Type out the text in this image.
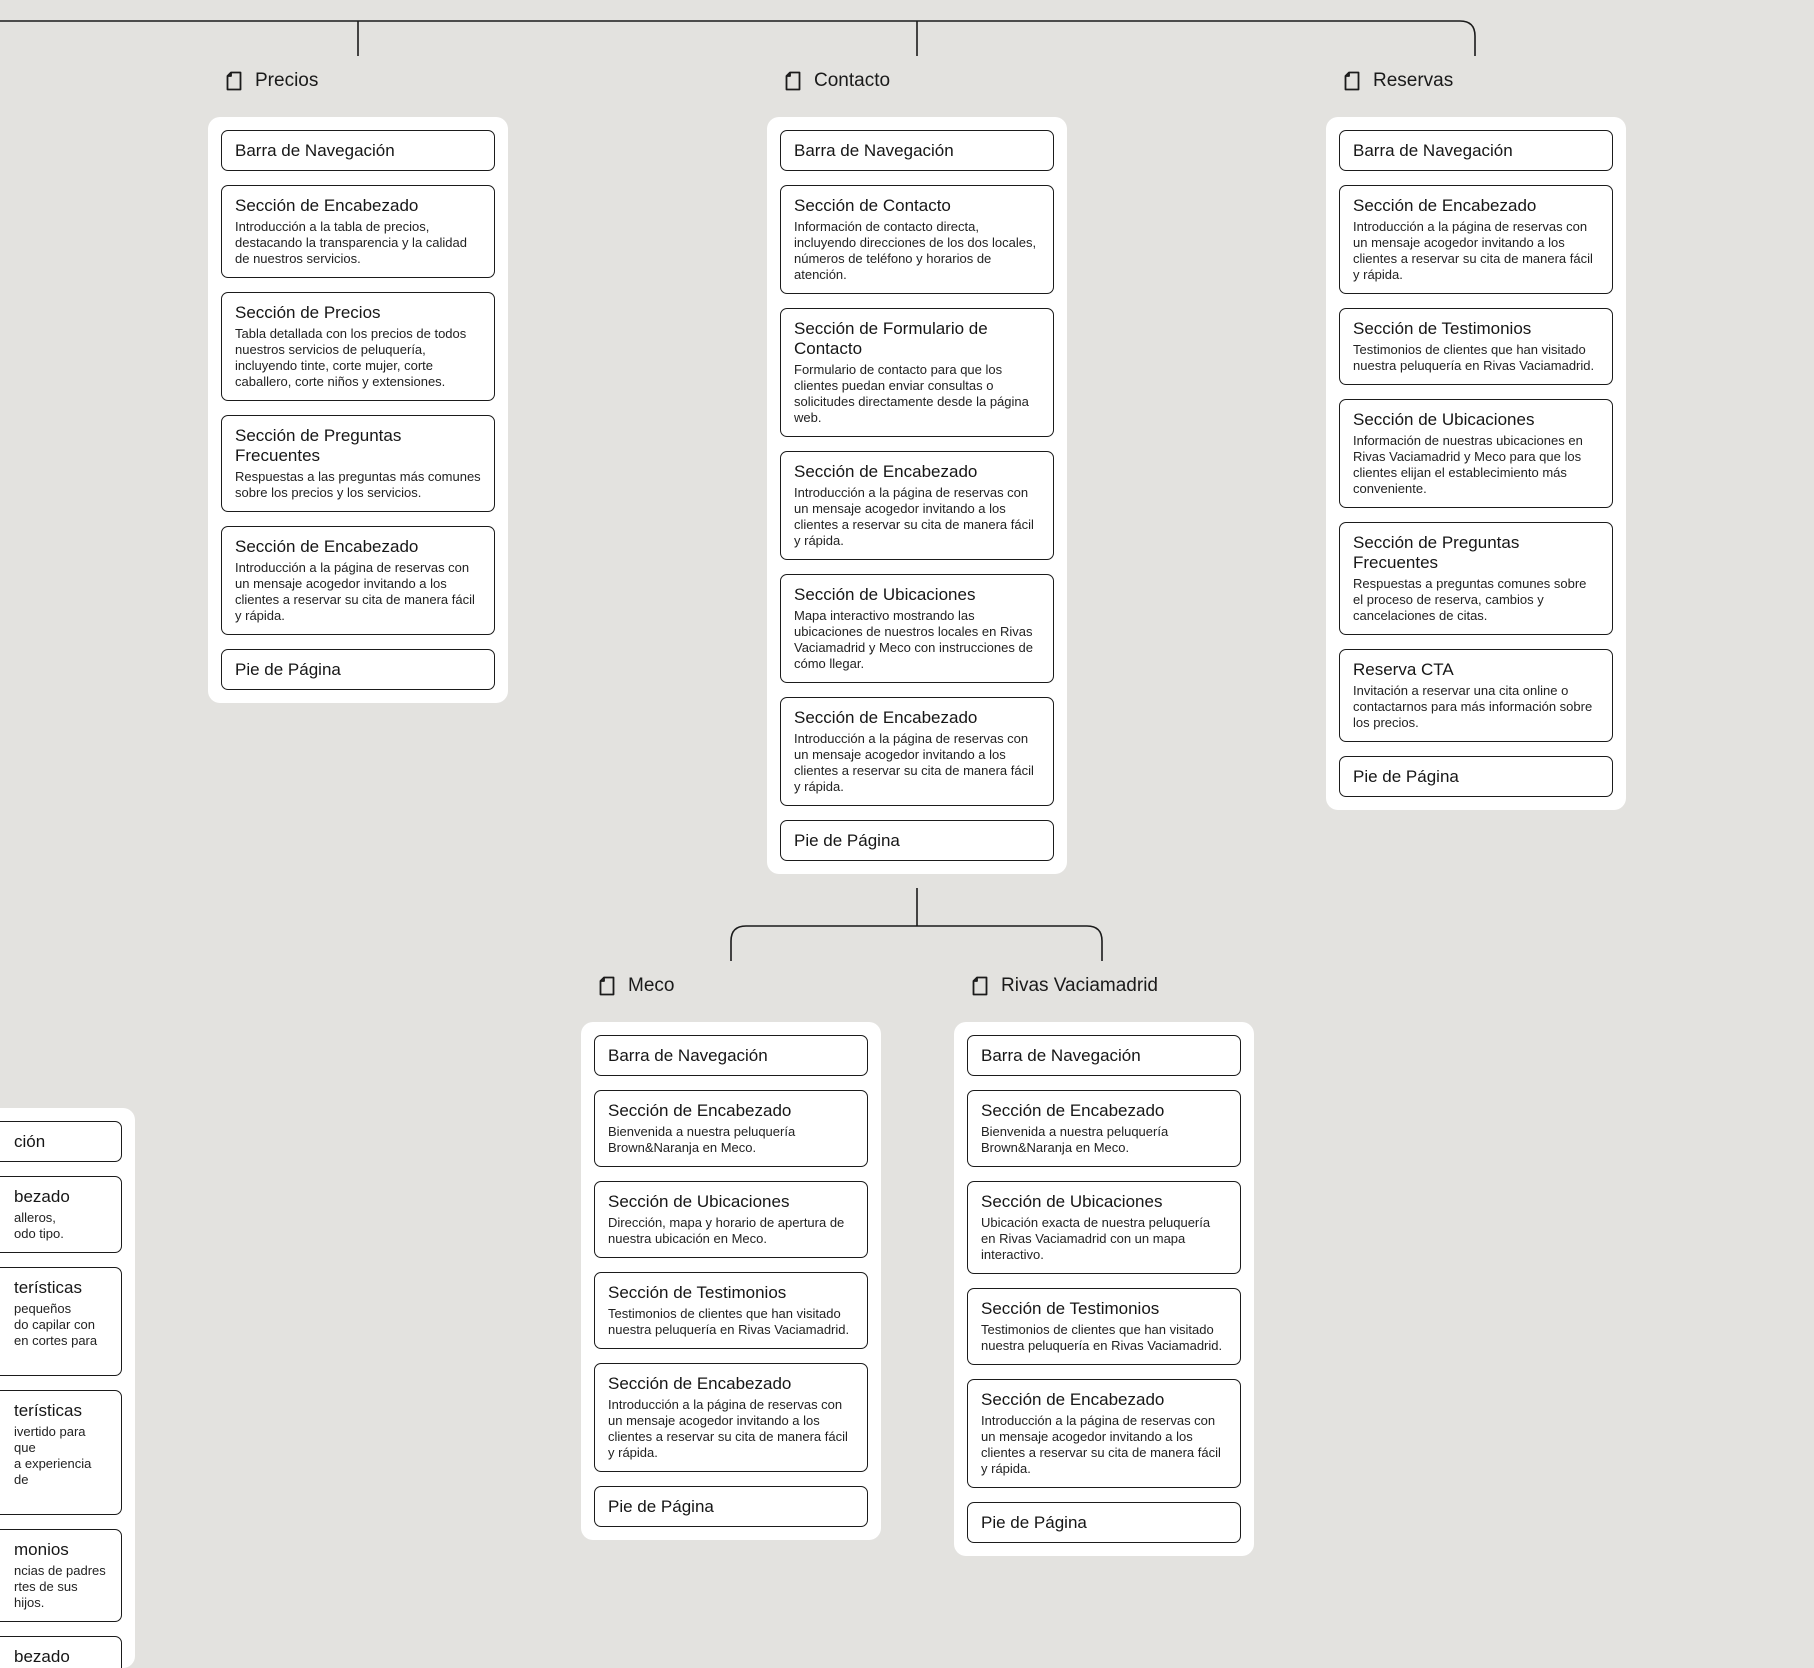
Precios	Contacto	Reservas
Meco	Rivas Vaciamadrid
Barra de Navegación
Sección de Encabezado
Introducción a la tabla de precios, destacando la transparencia y la calidad de nuestros servicios.
Sección de Precios
Tabla detallada con los precios de todos nuestros servicios de peluquería, incluyendo tinte, corte mujer, corte caballero, corte niños y extensiones.
Sección de Preguntas Frecuentes
Respuestas a las preguntas más comunes sobre los precios y los servicios.
Sección de Encabezado
Introducción a la página de reservas con un mensaje acogedor invitando a los clientes a reservar su cita de manera fácil y rápida.
Pie de Página
Barra de Navegación
Sección de Contacto
Información de contacto directa, incluyendo direcciones de los dos locales, números de teléfono y horarios de atención.
Sección de Formulario de Contacto
Formulario de contacto para que los clientes puedan enviar consultas o solicitudes directamente desde la página web.
Sección de Encabezado
Introducción a la página de reservas con un mensaje acogedor invitando a los clientes a reservar su cita de manera fácil y rápida.
Sección de Ubicaciones
Mapa interactivo mostrando las ubicaciones de nuestros locales en Rivas Vaciamadrid y Meco con instrucciones de cómo llegar.
Sección de Encabezado
Introducción a la página de reservas con un mensaje acogedor invitando a los clientes a reservar su cita de manera fácil y rápida.
Pie de Página
Barra de Navegación
Sección de Encabezado
Introducción a la página de reservas con un mensaje acogedor invitando a los clientes a reservar su cita de manera fácil y rápida.
Sección de Testimonios
Testimonios de clientes que han visitado nuestra peluquería en Rivas Vaciamadrid.
Sección de Ubicaciones
Información de nuestras ubicaciones en Rivas Vaciamadrid y Meco para que los clientes elijan el establecimiento más conveniente.
Sección de Preguntas Frecuentes
Respuestas a preguntas comunes sobre el proceso de reserva, cambios y cancelaciones de citas.
Reserva CTA
Invitación a reservar una cita online o contactarnos para más información sobre los precios.
Pie de Página
Barra de Navegación
Sección de Encabezado
Bienvenida a nuestra peluquería Brown&Naranja en Meco.
Sección de Ubicaciones
Dirección, mapa y horario de apertura de nuestra ubicación en Meco.
Sección de Testimonios
Testimonios de clientes que han visitado nuestra peluquería en Rivas Vaciamadrid.
Sección de Encabezado
Introducción a la página de reservas con un mensaje acogedor invitando a los clientes a reservar su cita de manera fácil y rápida.
Pie de Página
Barra de Navegación
Sección de Encabezado
Bienvenida a nuestra peluquería Brown&Naranja en Meco.
Sección de Ubicaciones
Ubicación exacta de nuestra peluquería en Rivas Vaciamadrid con un mapa interactivo.
Sección de Testimonios
Testimonios de clientes que han visitado nuestra peluquería en Rivas Vaciamadrid.
Sección de Encabezado
Introducción a la página de reservas con un mensaje acogedor invitando a los clientes a reservar su cita de manera fácil y rápida.
Pie de Página
ción
bezado
alleros,
odo tipo.
terísticas
pequeños
do capilar con
en cortes para
terísticas
ivertido para que
a experiencia de
monios
ncias de padres
rtes de sus hijos.
bezado
